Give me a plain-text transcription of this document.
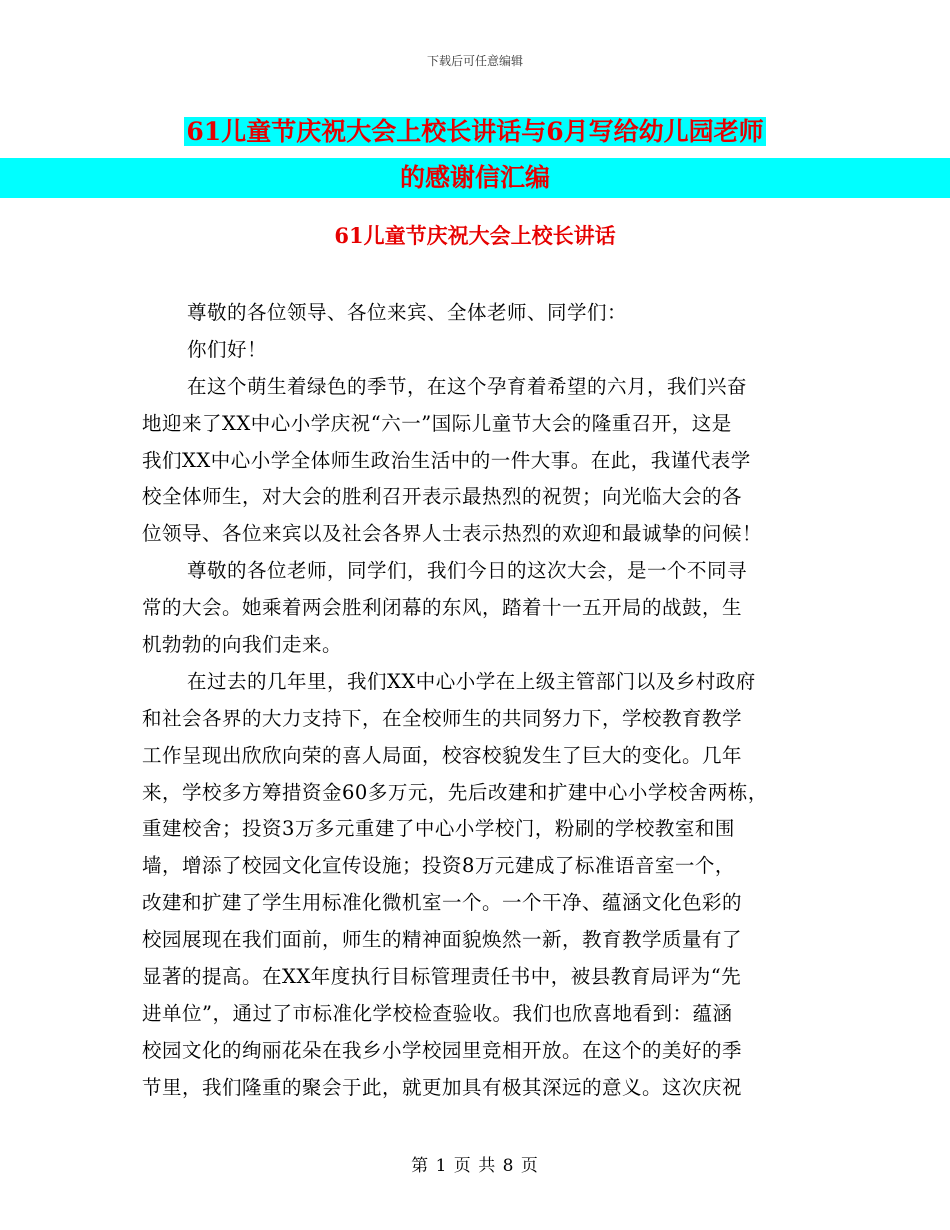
下载后可任意编辑
61儿童节庆祝大会上校长讲话与6月写给幼儿园老师
的感谢信汇编
61儿童节庆祝大会上校长讲话
尊敬的各位领导、各位来宾、全体老师、同学们：
你们好！
在这个萌生着绿色的季节，在这个孕育着希望的六月，我们兴奋
地迎来了XX中心小学庆祝“六一”国际儿童节大会的隆重召开，这是
我们XX中心小学全体师生政治生活中的一件大事。在此，我谨代表学
校全体师生，对大会的胜利召开表示最热烈的祝贺；向光临大会的各
位领导、各位来宾以及社会各界人士表示热烈的欢迎和最诚挚的问候！
尊敬的各位老师，同学们，我们今日的这次大会，是一个不同寻
常的大会。她乘着两会胜利闭幕的东风，踏着十一五开局的战鼓，生
机勃勃的向我们走来。
在过去的几年里，我们XX中心小学在上级主管部门以及乡村政府
和社会各界的大力支持下，在全校师生的共同努力下，学校教育教学
工作呈现出欣欣向荣的喜人局面，校容校貌发生了巨大的变化。几年
来，学校多方筹措资金60多万元，先后改建和扩建中心小学校舍两栋，
重建校舍；投资3万多元重建了中心小学校门，粉刷的学校教室和围
墙，增添了校园文化宣传设施；投资8万元建成了标准语音室一个，
改建和扩建了学生用标准化微机室一个。一个干净、蕴涵文化色彩的
校园展现在我们面前，师生的精神面貌焕然一新，教育教学质量有了
显著的提高。在XX年度执行目标管理责任书中，被县教育局评为“先
进单位”，通过了市标准化学校检查验收。我们也欣喜地看到：蕴涵
校园文化的绚丽花朵在我乡小学校园里竞相开放。在这个的美好的季
节里，我们隆重的聚会于此，就更加具有极其深远的意义。这次庆祝
第 1 页 共 8 页
